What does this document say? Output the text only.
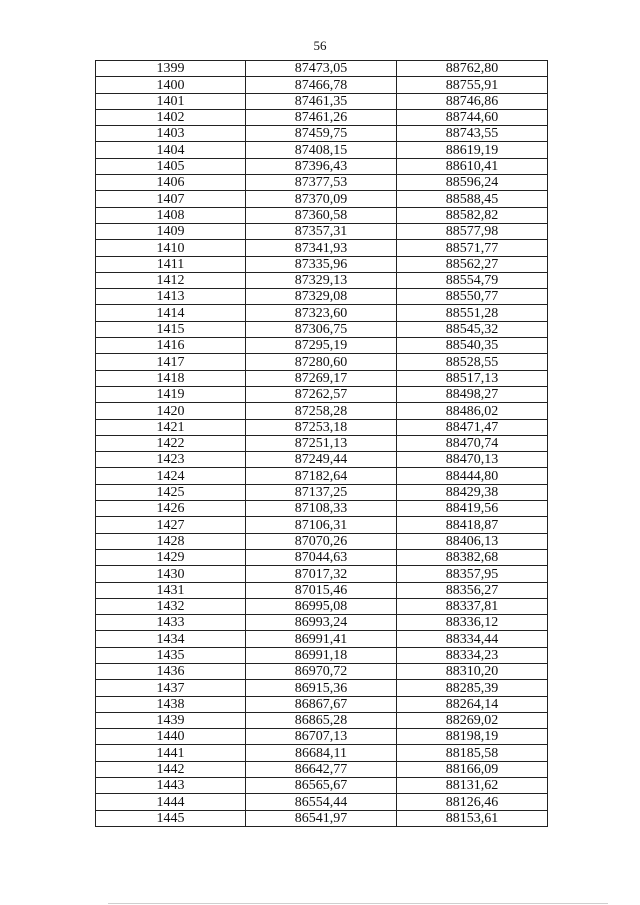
56
1399	87473,05	88762,80
1400	87466,78	88755,91
1401	87461,35	88746,86
1402	87461,26	88744,60
1403	87459,75	88743,55
1404	87408,15	88619,19
1405	87396,43	88610,41
1406	87377,53	88596,24
1407	87370,09	88588,45
1408	87360,58	88582,82
1409	87357,31	88577,98
1410	87341,93	88571,77
1411	87335,96	88562,27
1412	87329,13	88554,79
1413	87329,08	88550,77
1414	87323,60	88551,28
1415	87306,75	88545,32
1416	87295,19	88540,35
1417	87280,60	88528,55
1418	87269,17	88517,13
1419	87262,57	88498,27
1420	87258,28	88486,02
1421	87253,18	88471,47
1422	87251,13	88470,74
1423	87249,44	88470,13
1424	87182,64	88444,80
1425	87137,25	88429,38
1426	87108,33	88419,56
1427	87106,31	88418,87
1428	87070,26	88406,13
1429	87044,63	88382,68
1430	87017,32	88357,95
1431	87015,46	88356,27
1432	86995,08	88337,81
1433	86993,24	88336,12
1434	86991,41	88334,44
1435	86991,18	88334,23
1436	86970,72	88310,20
1437	86915,36	88285,39
1438	86867,67	88264,14
1439	86865,28	88269,02
1440	86707,13	88198,19
1441	86684,11	88185,58
1442	86642,77	88166,09
1443	86565,67	88131,62
1444	86554,44	88126,46
1445	86541,97	88153,61
